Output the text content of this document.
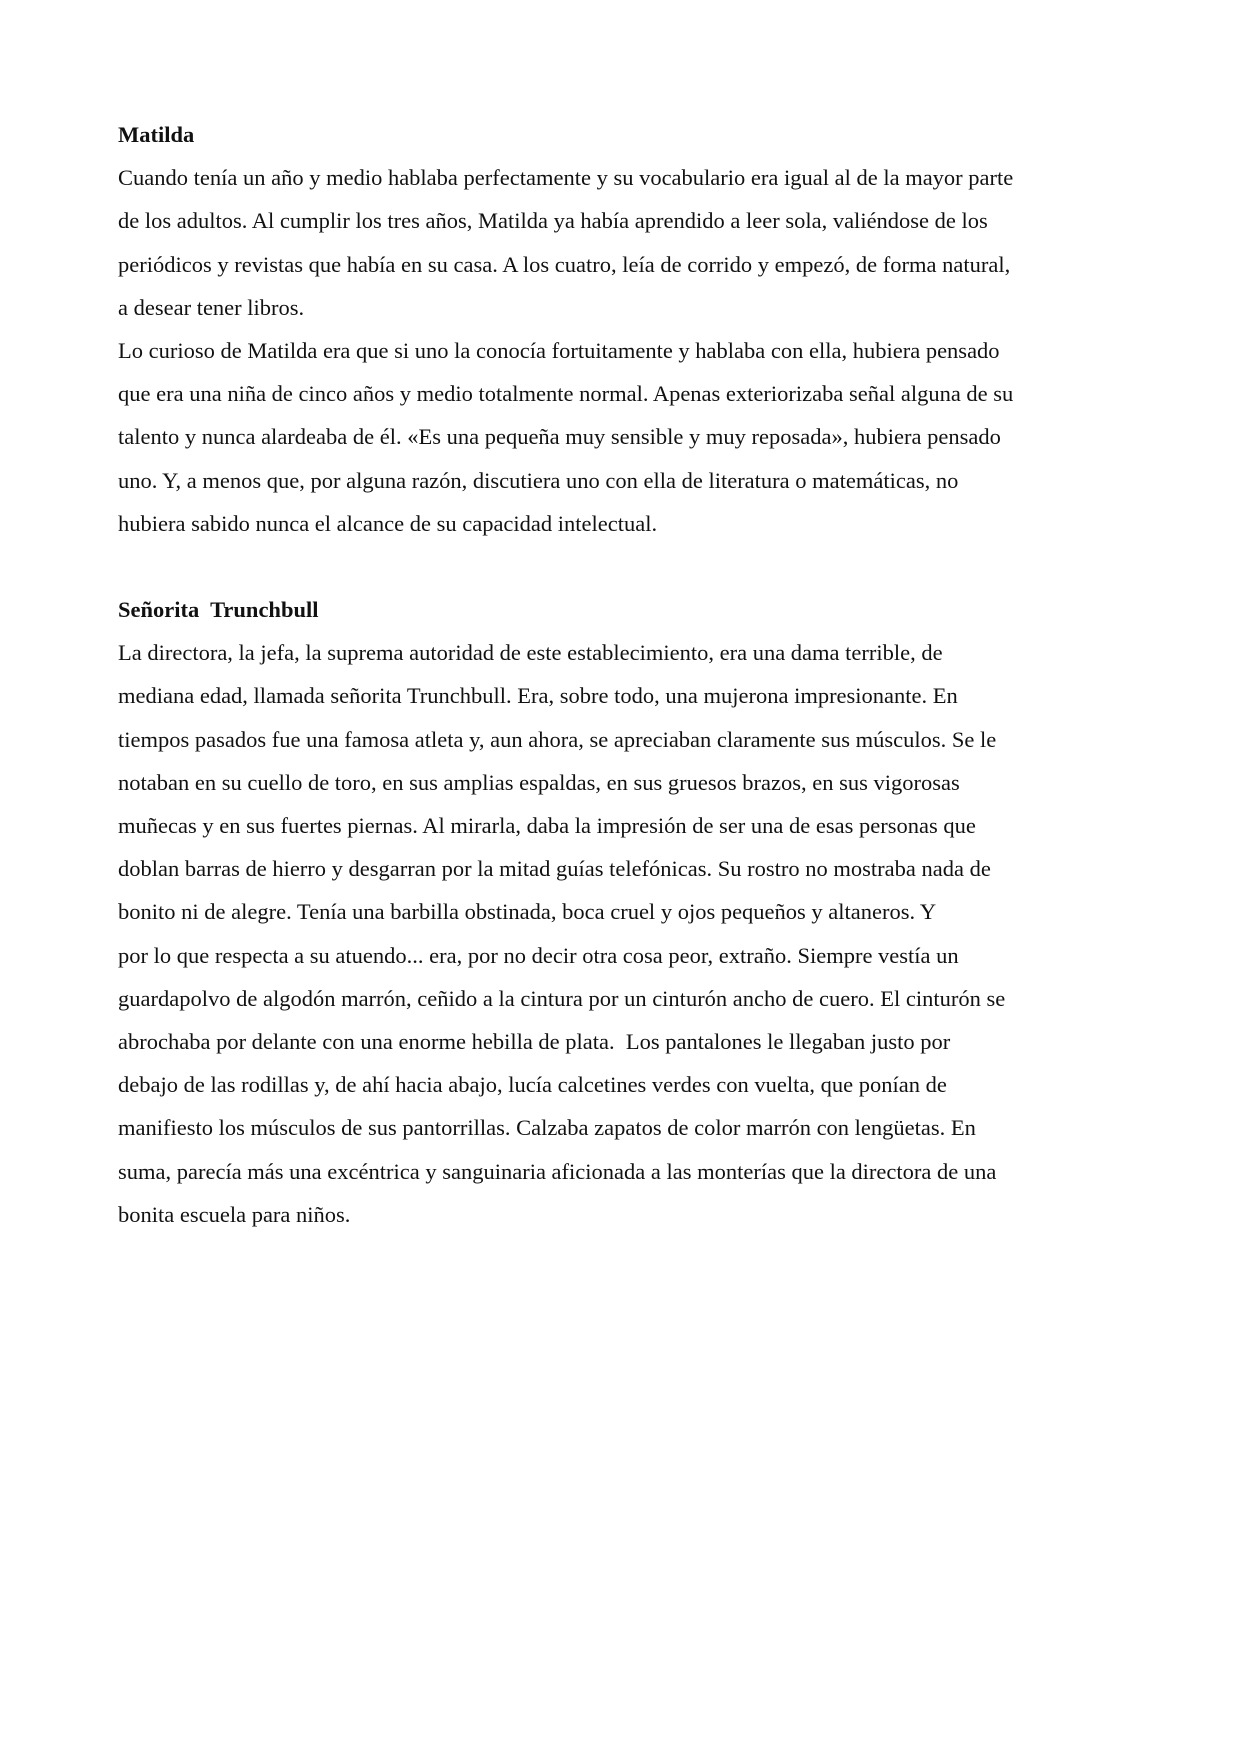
Matilda
Cuando tenía un año y medio hablaba perfectamente y su vocabulario era igual al de la mayor parte
de los adultos. Al cumplir los tres años, Matilda ya había aprendido a leer sola, valiéndose de los
periódicos y revistas que había en su casa. A los cuatro, leía de corrido y empezó, de forma natural,
a desear tener libros.
Lo curioso de Matilda era que si uno la conocía fortuitamente y hablaba con ella, hubiera pensado
que era una niña de cinco años y medio totalmente normal. Apenas exteriorizaba señal alguna de su
talento y nunca alardeaba de él. «Es una pequeña muy sensible y muy reposada», hubiera pensado
uno. Y, a menos que, por alguna razón, discutiera uno con ella de literatura o matemáticas, no
hubiera sabido nunca el alcance de su capacidad intelectual.
Señorita  Trunchbull
La directora, la jefa, la suprema autoridad de este establecimiento, era una dama terrible, de
mediana edad, llamada señorita Trunchbull. Era, sobre todo, una mujerona impresionante. En
tiempos pasados fue una famosa atleta y, aun ahora, se apreciaban claramente sus músculos. Se le
notaban en su cuello de toro, en sus amplias espaldas, en sus gruesos brazos, en sus vigorosas
muñecas y en sus fuertes piernas. Al mirarla, daba la impresión de ser una de esas personas que
doblan barras de hierro y desgarran por la mitad guías telefónicas. Su rostro no mostraba nada de
bonito ni de alegre. Tenía una barbilla obstinada, boca cruel y ojos pequeños y altaneros. Y
por lo que respecta a su atuendo... era, por no decir otra cosa peor, extraño. Siempre vestía un
guardapolvo de algodón marrón, ceñido a la cintura por un cinturón ancho de cuero. El cinturón se
abrochaba por delante con una enorme hebilla de plata.  Los pantalones le llegaban justo por
debajo de las rodillas y, de ahí hacia abajo, lucía calcetines verdes con vuelta, que ponían de
manifiesto los músculos de sus pantorrillas. Calzaba zapatos de color marrón con lengüetas. En
suma, parecía más una excéntrica y sanguinaria aficionada a las monterías que la directora de una
bonita escuela para niños.
